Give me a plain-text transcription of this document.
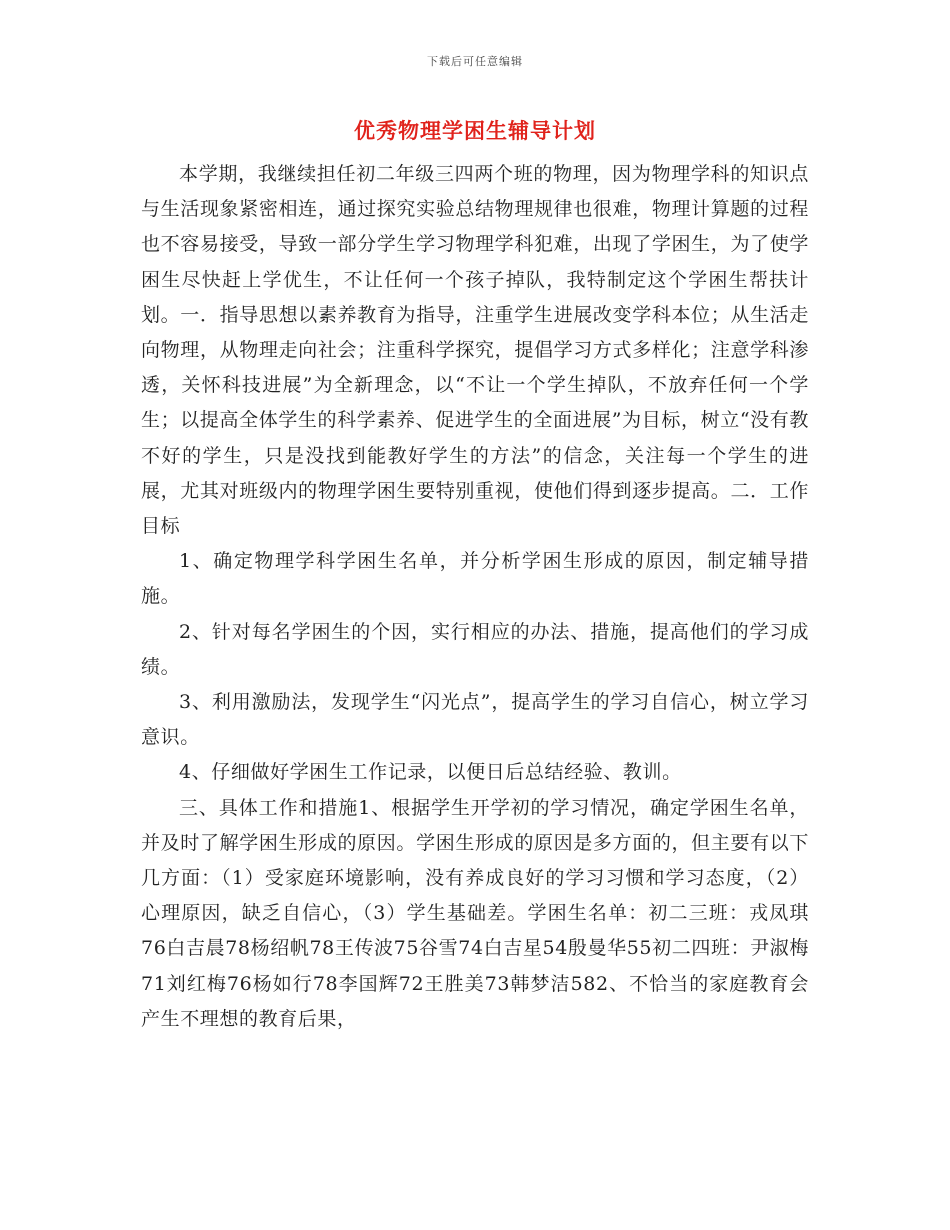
下载后可任意编辑
优秀物理学困生辅导计划

本学期，我继续担任初二年级三四两个班的物理，因为物理学科的知识点与生活现象紧密相连，通过探究实验总结物理规律也很难，物理计算题的过程也不容易接受，导致一部分学生学习物理学科犯难，出现了学困生，为了使学困生尽快赶上学优生，不让任何一个孩子掉队，我特制定这个学困生帮扶计划。一．指导思想以素养教育为指导，注重学生进展改变学科本位；从生活走向物理，从物理走向社会；注重科学探究，提倡学习方式多样化；注意学科渗透，关怀科技进展”为全新理念，以“不让一个学生掉队，不放弃任何一个学生；以提高全体学生的科学素养、促进学生的全面进展”为目标，树立“没有教不好的学生，只是没找到能教好学生的方法”的信念，关注每一个学生的进展，尤其对班级内的物理学困生要特别重视，使他们得到逐步提高。二．工作目标

1、确定物理学科学困生名单，并分析学困生形成的原因，制定辅导措施。

2、针对每名学困生的个因，实行相应的办法、措施，提高他们的学习成绩。

3、利用激励法，发现学生“闪光点”，提高学生的学习自信心，树立学习意识。

4、仔细做好学困生工作记录，以便日后总结经验、教训。

三、具体工作和措施1、根据学生开学初的学习情况，确定学困生名单，并及时了解学困生形成的原因。学困生形成的原因是多方面的，但主要有以下几方面：（1）受家庭环境影响，没有养成良好的学习习惯和学习态度，（2）心理原因，缺乏自信心，（3）学生基础差。学困生名单：初二三班：戎凤琪76白吉晨78杨绍帆78王传波75谷雪74白吉星54殷曼华55初二四班：尹淑梅71刘红梅76杨如行78李国辉72王胜美73韩梦洁582、不恰当的家庭教育会产生不理想的教育后果，
